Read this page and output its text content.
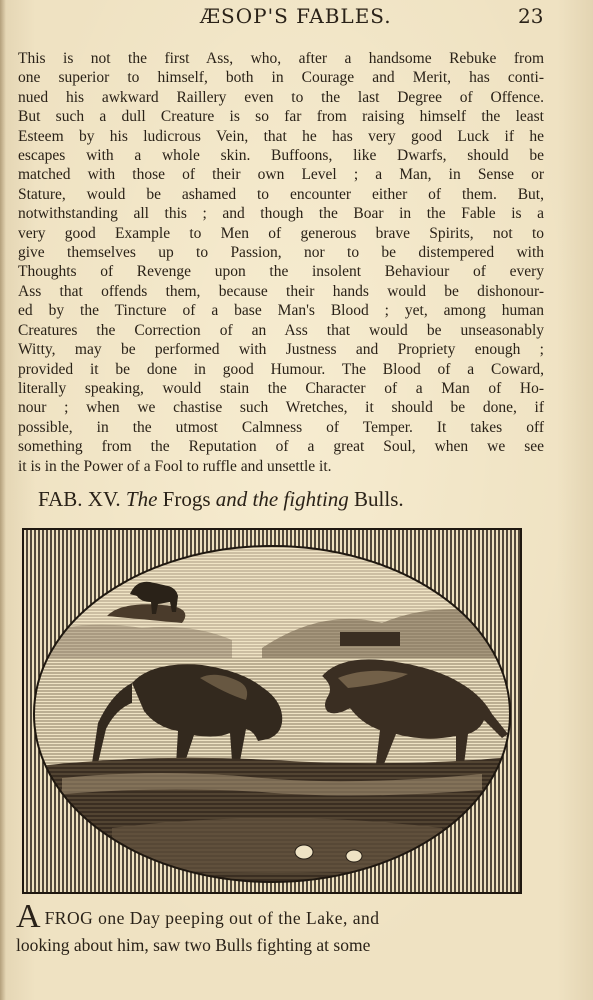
ÆSOP'S FABLES.	23
This is not the first Ass, who, after a handsome Rebuke from
one superior to himself, both in Courage and Merit, has conti-
nued his awkward Raillery even to the last Degree of Offence.
But such a dull Creature is so far from raising himself the least
Esteem by his ludicrous Vein, that he has very good Luck if he
escapes with a whole skin. Buffoons, like Dwarfs, should be
matched with those of their own Level ; a Man, in Sense or
Stature, would be ashamed to encounter either of them. But,
notwithstanding all this ; and though the Boar in the Fable is a
very good Example to Men of generous brave Spirits, not to
give themselves up to Passion, nor to be distempered with
Thoughts of Revenge upon the insolent Behaviour of every
Ass that offends them, because their hands would be dishonour-
ed by the Tincture of a base Man's Blood ; yet, among human
Creatures the Correction of an Ass that would be unseasonably
Witty, may be performed with Justness and Propriety enough ;
provided it be done in good Humour. The Blood of a Coward,
literally speaking, would stain the Character of a Man of Ho-
nour ; when we chastise such Wretches, it should be done, if
possible, in the utmost Calmness of Temper. It takes off
something from the Reputation of a great Soul, when we see
it is in the Power of a Fool to ruffle and unsettle it.
FAB. XV. The Frogs and the fighting Bulls.
AFROG one Day peeping out of the Lake, and
looking about him, saw two Bulls fighting at some
